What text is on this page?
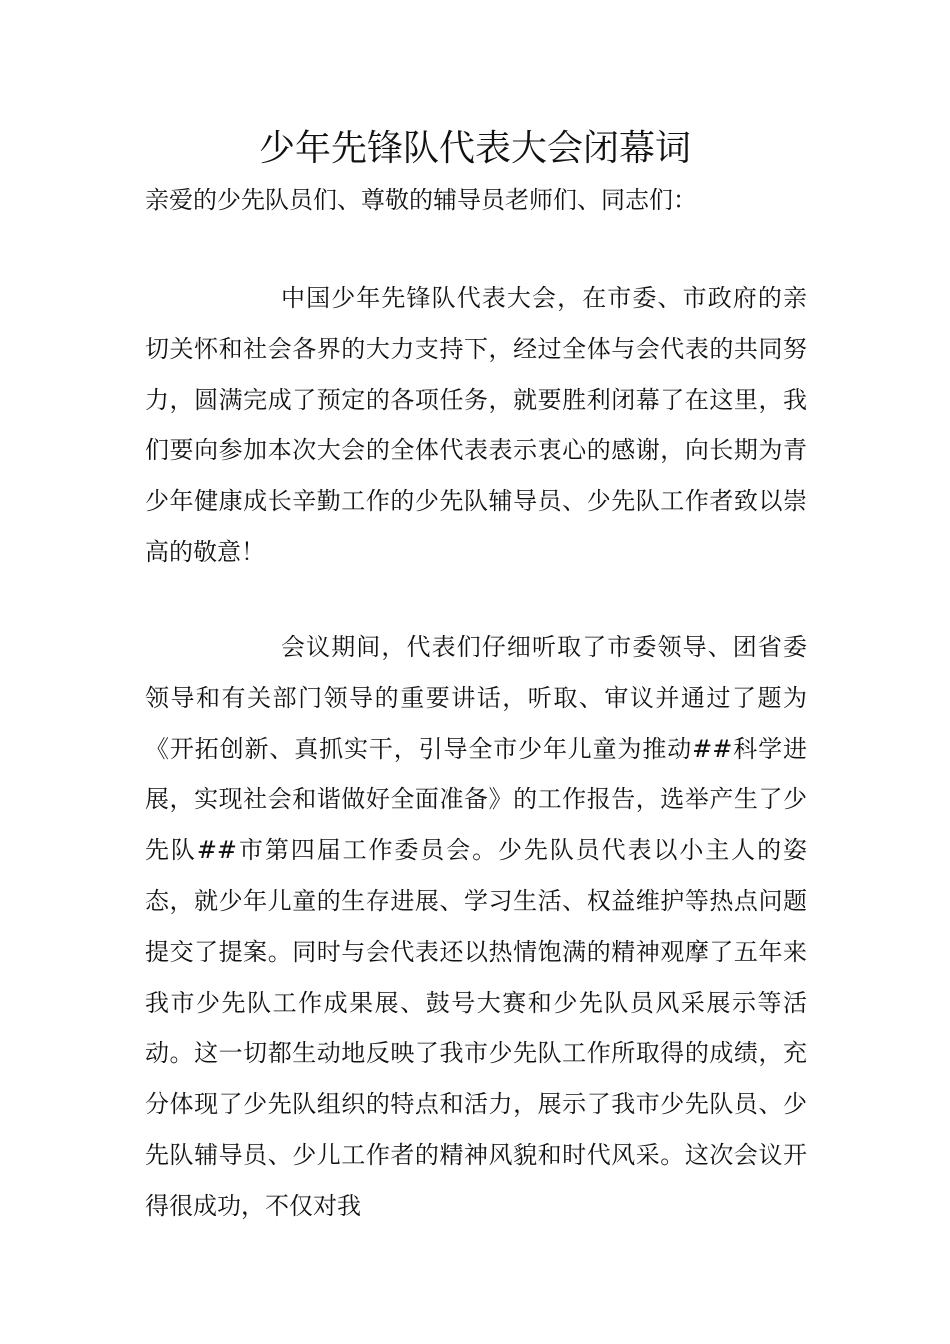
少年先锋队代表大会闭幕词

亲爱的少先队员们、尊敬的辅导员老师们、同志们：

中国少年先锋队代表大会，在市委、市政府的亲切关怀和社会各界的大力支持下，经过全体与会代表的共同努力，圆满完成了预定的各项任务，就要胜利闭幕了在这里，我们要向参加本次大会的全体代表表示衷心的感谢，向长期为青少年健康成长辛勤工作的少先队辅导员、少先队工作者致以崇高的敬意！

会议期间，代表们仔细听取了市委领导、团省委领导和有关部门领导的重要讲话，听取、审议并通过了题为《开拓创新、真抓实干，引导全市少年儿童为推动##科学进展，实现社会和谐做好全面准备》的工作报告，选举产生了少先队##市第四届工作委员会。少先队员代表以小主人的姿态，就少年儿童的生存进展、学习生活、权益维护等热点问题提交了提案。同时与会代表还以热情饱满的精神观摩了五年来我市少先队工作成果展、鼓号大赛和少先队员风采展示等活动。这一切都生动地反映了我市少先队工作所取得的成绩，充分体现了少先队组织的特点和活力，展示了我市少先队员、少先队辅导员、少儿工作者的精神风貌和时代风采。这次会议开得很成功，不仅对我
